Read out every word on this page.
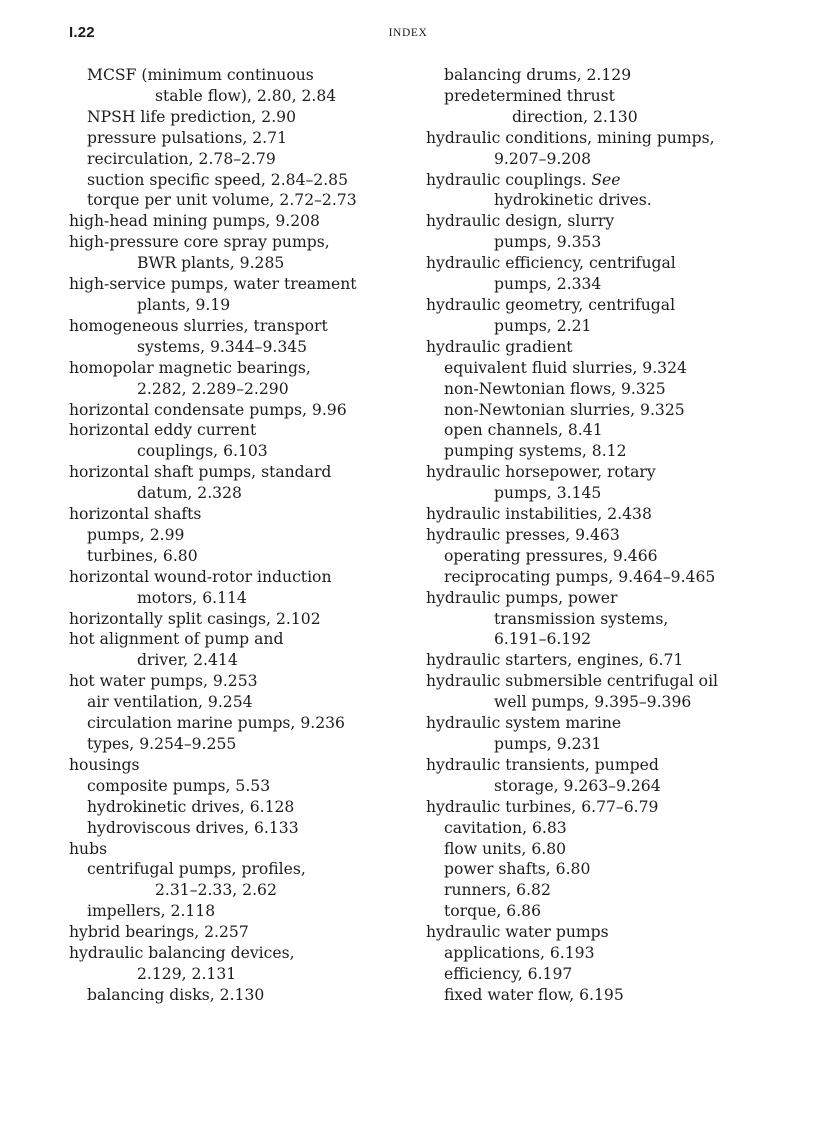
I.22	INDEX
MCSF (minimum continuous
stable flow), 2.80, 2.84
NPSH life prediction, 2.90
pressure pulsations, 2.71
recirculation, 2.78–2.79
suction specific speed, 2.84–2.85
torque per unit volume, 2.72–2.73
high-head mining pumps, 9.208
high-pressure core spray pumps,
BWR plants, 9.285
high-service pumps, water treament
plants, 9.19
homogeneous slurries, transport
systems, 9.344–9.345
homopolar magnetic bearings,
2.282, 2.289–2.290
horizontal condensate pumps, 9.96
horizontal eddy current
couplings, 6.103
horizontal shaft pumps, standard
datum, 2.328
horizontal shafts
pumps, 2.99
turbines, 6.80
horizontal wound-rotor induction
motors, 6.114
horizontally split casings, 2.102
hot alignment of pump and
driver, 2.414
hot water pumps, 9.253
air ventilation, 9.254
circulation marine pumps, 9.236
types, 9.254–9.255
housings
composite pumps, 5.53
hydrokinetic drives, 6.128
hydroviscous drives, 6.133
hubs
centrifugal pumps, profiles,
2.31–2.33, 2.62
impellers, 2.118
hybrid bearings, 2.257
hydraulic balancing devices,
2.129, 2.131
balancing disks, 2.130
balancing drums, 2.129
predetermined thrust
direction, 2.130
hydraulic conditions, mining pumps,
9.207–9.208
hydraulic couplings. See
hydrokinetic drives.
hydraulic design, slurry
pumps, 9.353
hydraulic efficiency, centrifugal
pumps, 2.334
hydraulic geometry, centrifugal
pumps, 2.21
hydraulic gradient
equivalent fluid slurries, 9.324
non-Newtonian flows, 9.325
non-Newtonian slurries, 9.325
open channels, 8.41
pumping systems, 8.12
hydraulic horsepower, rotary
pumps, 3.145
hydraulic instabilities, 2.438
hydraulic presses, 9.463
operating pressures, 9.466
reciprocating pumps, 9.464–9.465
hydraulic pumps, power
transmission systems,
6.191–6.192
hydraulic starters, engines, 6.71
hydraulic submersible centrifugal oil
well pumps, 9.395–9.396
hydraulic system marine
pumps, 9.231
hydraulic transients, pumped
storage, 9.263–9.264
hydraulic turbines, 6.77–6.79
cavitation, 6.83
flow units, 6.80
power shafts, 6.80
runners, 6.82
torque, 6.86
hydraulic water pumps
applications, 6.193
efficiency, 6.197
fixed water flow, 6.195
